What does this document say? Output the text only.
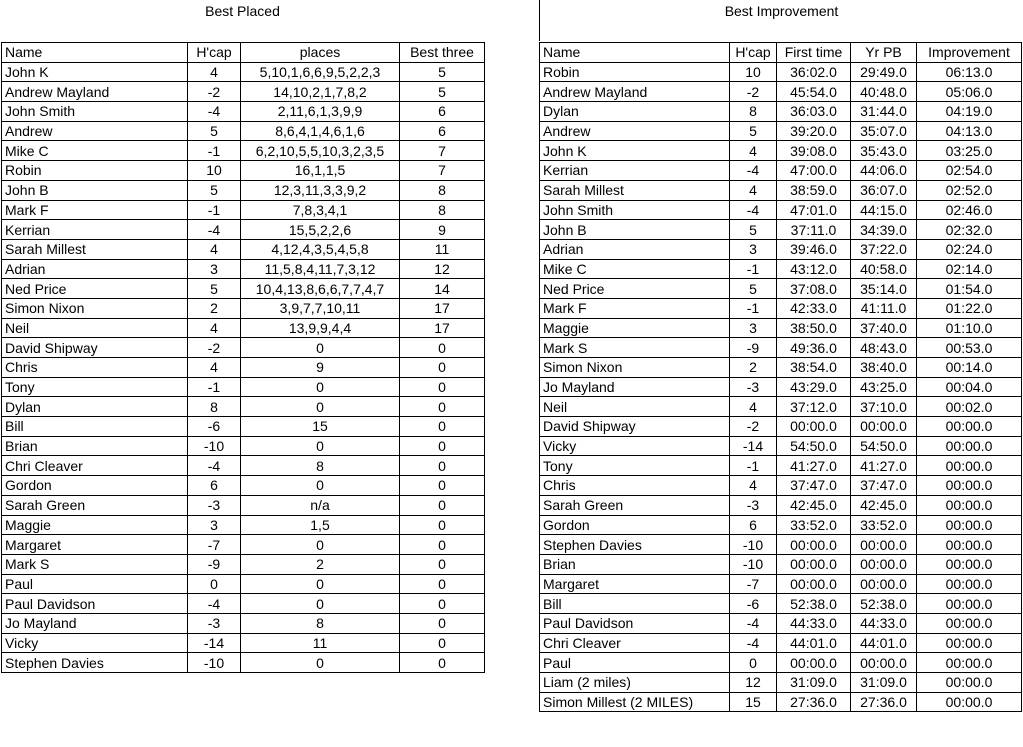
Best Placed	Best Improvement
Name	H'cap	places	Best three
John K	4	5,10,1,6,6,9,5,2,2,3	5
Andrew Mayland	-2	14,10,2,1,7,8,2	5
John Smith	-4	2,11,6,1,3,9,9	6
Andrew	5	8,6,4,1,4,6,1,6	6
Mike C	-1	6,2,10,5,5,10,3,2,3,5	7
Robin	10	16,1,1,5	7
John B	5	12,3,11,3,3,9,2	8
Mark F	-1	7,8,3,4,1	8
Kerrian	-4	15,5,2,2,6	9
Sarah Millest	4	4,12,4,3,5,4,5,8	11
Adrian	3	11,5,8,4,11,7,3,12	12
Ned Price	5	10,4,13,8,6,6,7,7,4,7	14
Simon Nixon	2	3,9,7,7,10,11	17
Neil	4	13,9,9,4,4	17
David Shipway	-2	0	0
Chris	4	9	0
Tony	-1	0	0
Dylan	8	0	0
Bill	-6	15	0
Brian	-10	0	0
Chri Cleaver	-4	8	0
Gordon	6	0	0
Sarah Green	-3	n/a	0
Maggie	3	1,5	0
Margaret	-7	0	0
Mark S	-9	2	0
Paul	0	0	0
Paul Davidson	-4	0	0
Jo Mayland	-3	8	0
Vicky	-14	11	0
Stephen Davies	-10	0	0
Name	H'cap	First time	Yr PB	Improvement
Robin	10	36:02.0	29:49.0	06:13.0
Andrew Mayland	-2	45:54.0	40:48.0	05:06.0
Dylan	8	36:03.0	31:44.0	04:19.0
Andrew	5	39:20.0	35:07.0	04:13.0
John K	4	39:08.0	35:43.0	03:25.0
Kerrian	-4	47:00.0	44:06.0	02:54.0
Sarah Millest	4	38:59.0	36:07.0	02:52.0
John Smith	-4	47:01.0	44:15.0	02:46.0
John B	5	37:11.0	34:39.0	02:32.0
Adrian	3	39:46.0	37:22.0	02:24.0
Mike C	-1	43:12.0	40:58.0	02:14.0
Ned Price	5	37:08.0	35:14.0	01:54.0
Mark F	-1	42:33.0	41:11.0	01:22.0
Maggie	3	38:50.0	37:40.0	01:10.0
Mark S	-9	49:36.0	48:43.0	00:53.0
Simon Nixon	2	38:54.0	38:40.0	00:14.0
Jo Mayland	-3	43:29.0	43:25.0	00:04.0
Neil	4	37:12.0	37:10.0	00:02.0
David Shipway	-2	00:00.0	00:00.0	00:00.0
Vicky	-14	54:50.0	54:50.0	00:00.0
Tony	-1	41:27.0	41:27.0	00:00.0
Chris	4	37:47.0	37:47.0	00:00.0
Sarah Green	-3	42:45.0	42:45.0	00:00.0
Gordon	6	33:52.0	33:52.0	00:00.0
Stephen Davies	-10	00:00.0	00:00.0	00:00.0
Brian	-10	00:00.0	00:00.0	00:00.0
Margaret	-7	00:00.0	00:00.0	00:00.0
Bill	-6	52:38.0	52:38.0	00:00.0
Paul Davidson	-4	44:33.0	44:33.0	00:00.0
Chri Cleaver	-4	44:01.0	44:01.0	00:00.0
Paul	0	00:00.0	00:00.0	00:00.0
Liam (2 miles)	12	31:09.0	31:09.0	00:00.0
Simon Millest (2 MILES)	15	27:36.0	27:36.0	00:00.0
